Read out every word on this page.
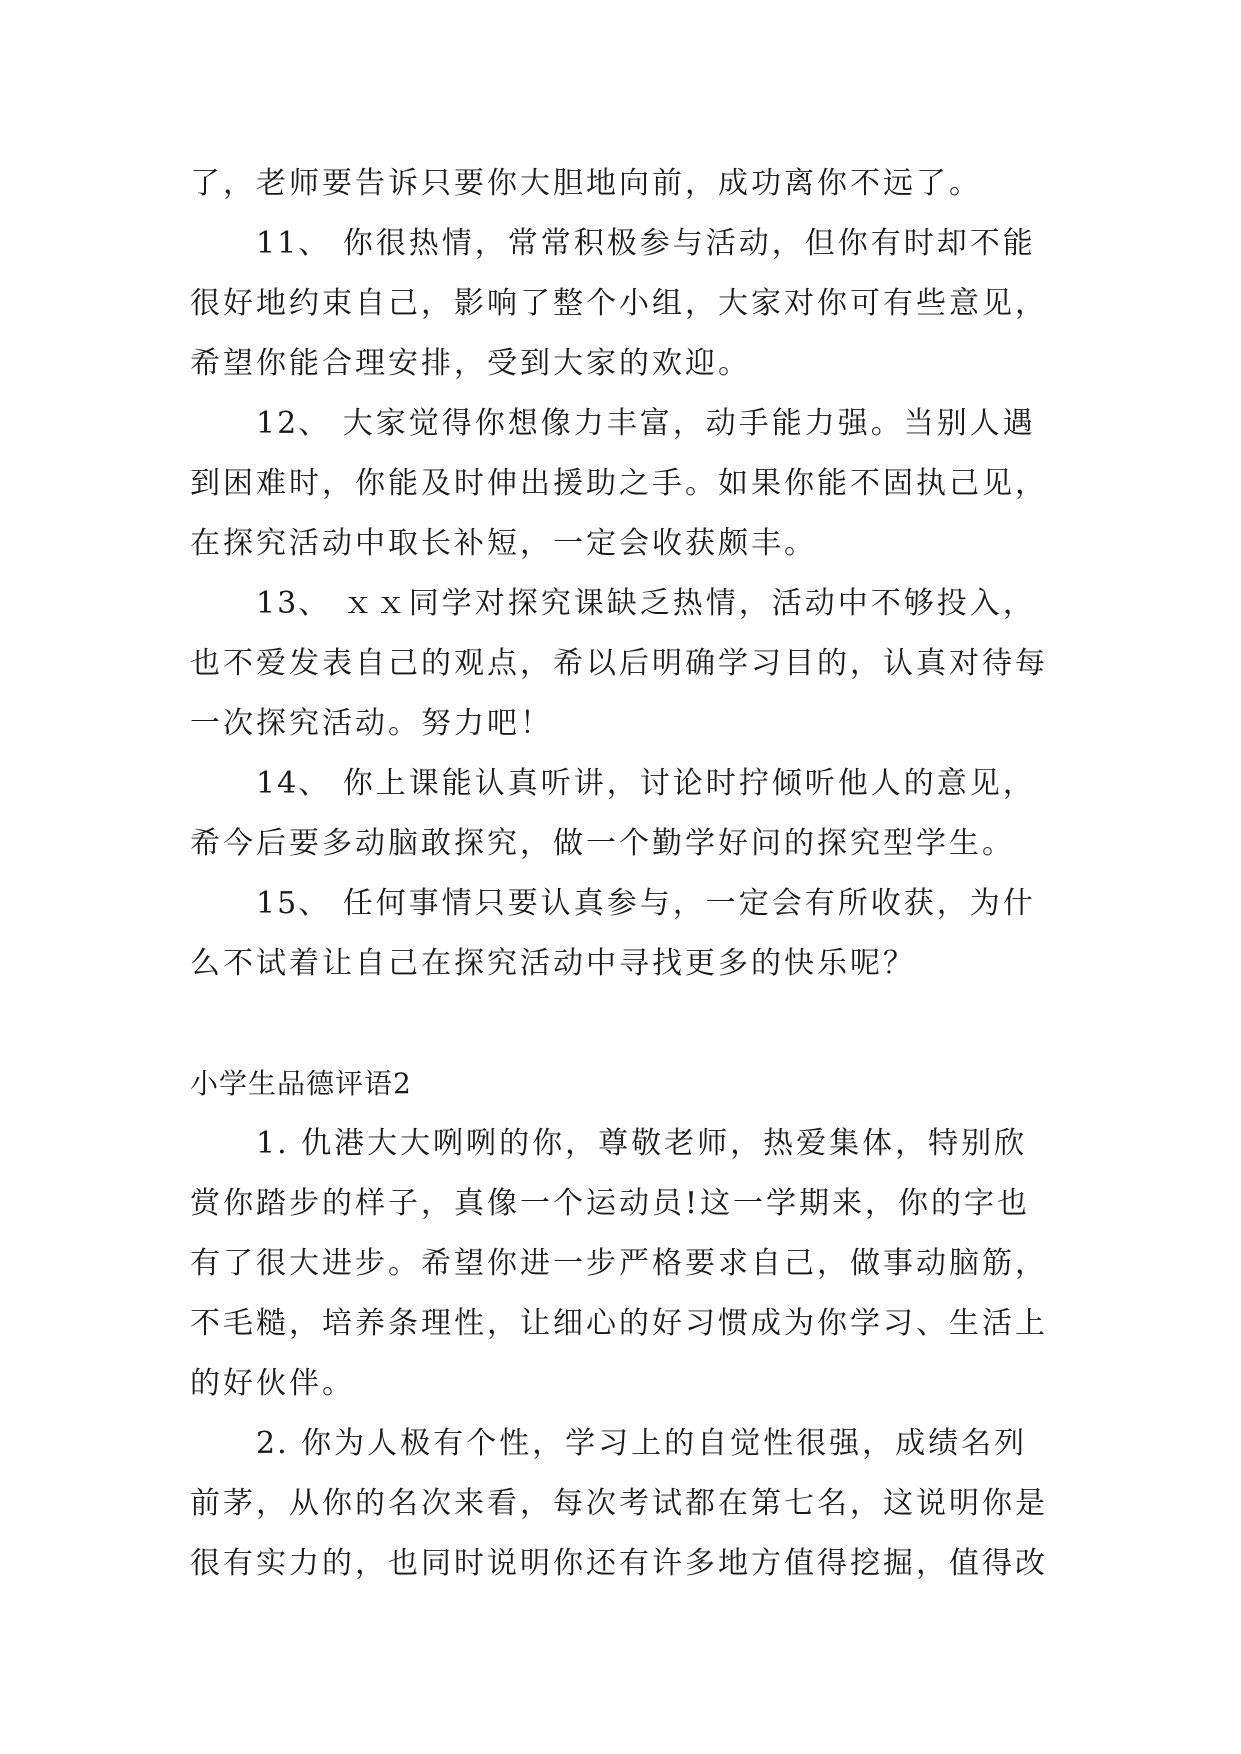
了，老师要告诉只要你大胆地向前，成功离你不远了。

11、 你很热情，常常积极参与活动，但你有时却不能很好地约束自己，影响了整个小组，大家对你可有些意见，希望你能合理安排，受到大家的欢迎。

12、 大家觉得你想像力丰富，动手能力强。当别人遇到困难时，你能及时伸出援助之手。如果你能不固执己见，在探究活动中取长补短，一定会收获颇丰。

13、 ｘｘ同学对探究课缺乏热情，活动中不够投入，也不爱发表自己的观点，希以后明确学习目的，认真对待每一次探究活动。努力吧！

14、 你上课能认真听讲，讨论时拧倾听他人的意见，希今后要多动脑敢探究，做一个勤学好问的探究型学生。

15、 任何事情只要认真参与，一定会有所收获，为什么不试着让自己在探究活动中寻找更多的快乐呢？

小学生品德评语2

1. 仇港大大咧咧的你，尊敬老师，热爱集体，特别欣赏你踏步的样子，真像一个运动员!这一学期来，你的字也有了很大进步。希望你进一步严格要求自己，做事动脑筋，不毛糙，培养条理性，让细心的好习惯成为你学习、生活上的好伙伴。

2. 你为人极有个性，学习上的自觉性很强，成绩名列前茅，从你的名次来看，每次考试都在第七名，这说明你是很有实力的，也同时说明你还有许多地方值得挖掘，值得改
